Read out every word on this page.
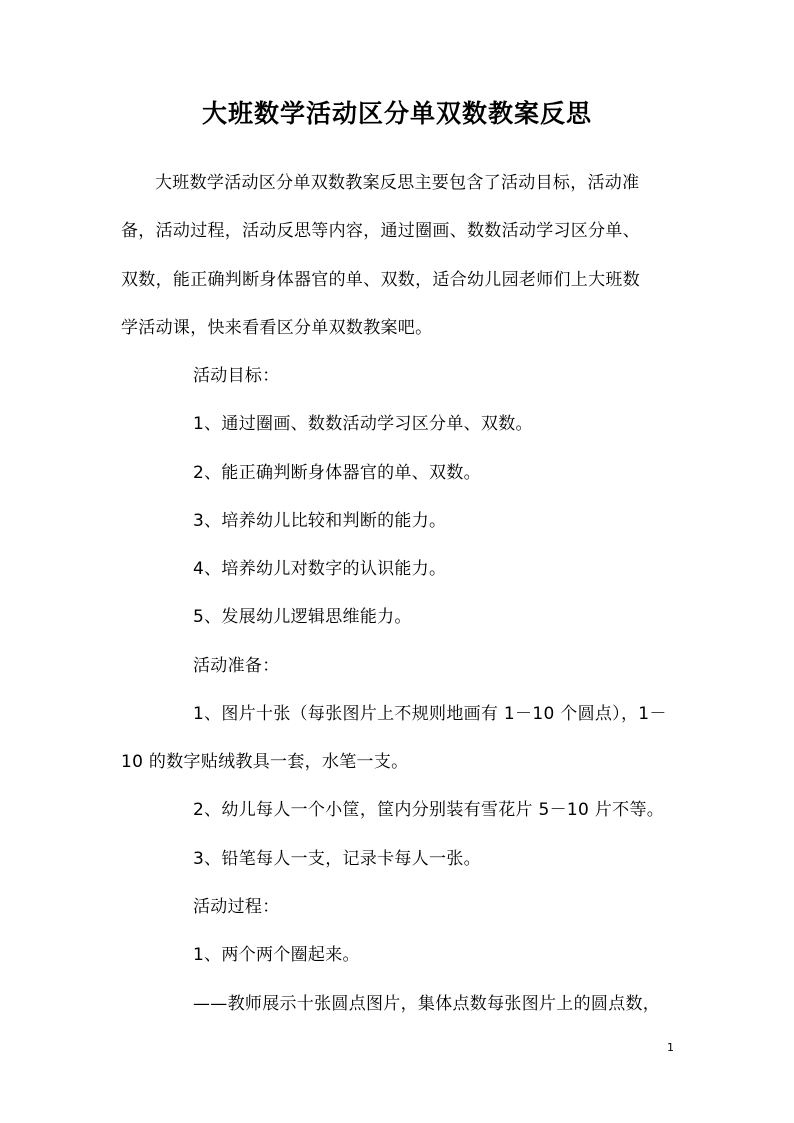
大班数学活动区分单双数教案反思
大班数学活动区分单双数教案反思主要包含了活动目标，活动准
备，活动过程，活动反思等内容，通过圈画、数数活动学习区分单、
双数，能正确判断身体器官的单、双数，适合幼儿园老师们上大班数
学活动课，快来看看区分单双数教案吧。
活动目标：
1、通过圈画、数数活动学习区分单、双数。
2、能正确判断身体器官的单、双数。
3、培养幼儿比较和判断的能力。
4、培养幼儿对数字的认识能力。
5、发展幼儿逻辑思维能力。
活动准备：
1、图片十张（每张图片上不规则地画有 1－10 个圆点），1－
10 的数字贴绒教具一套，水笔一支。
2、幼儿每人一个小筐，筐内分别装有雪花片 5－10 片不等。
3、铅笔每人一支，记录卡每人一张。
活动过程：
1、两个两个圈起来。
——教师展示十张圆点图片，集体点数每张图片上的圆点数，
1
